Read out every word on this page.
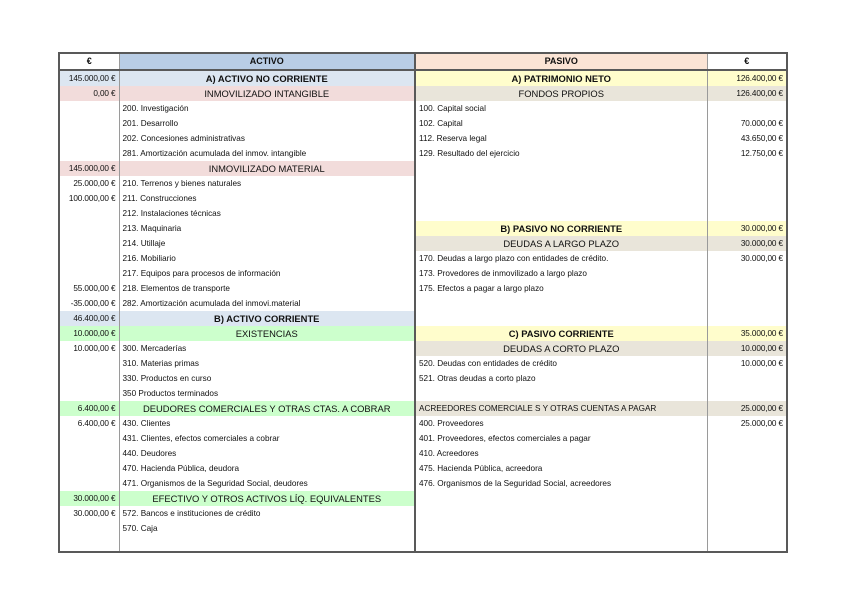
€	ACTIVO	PASIVO	€
145.000,00 €	A) ACTIVO NO CORRIENTE	A) PATRIMONIO NETO	126.400,00 €
0,00 €	INMOVILIZADO INTANGIBLE	FONDOS PROPIOS	126.400,00 €
	200. Investigación	100. Capital social	
	201. Desarrollo	102. Capital	70.000,00 €
	202. Concesiones administrativas	112. Reserva legal	43.650,00 €
	281. Amortización acumulada del inmov. intangible	129. Resultado del ejercicio	12.750,00 €
145.000,00 €	INMOVILIZADO MATERIAL		
25.000,00 €	210. Terrenos y bienes naturales		
100.000,00 €	211. Construcciones		
	212. Instalaciones técnicas		
	213. Maquinaria	B) PASIVO NO CORRIENTE	30.000,00 €
	214. Utillaje	DEUDAS A LARGO PLAZO	30.000,00 €
	216. Mobiliario	170. Deudas a largo plazo con entidades de crédito.	30.000,00 €
	217. Equipos para procesos de información	173. Provedores de inmovilizado a largo plazo	
55.000,00 €	218. Elementos de transporte	175. Efectos a pagar a largo plazo	
-35.000,00 €	282. Amortización acumulada del inmovi.material		
46.400,00 €	B) ACTIVO CORRIENTE		
10.000,00 €	EXISTENCIAS	C) PASIVO CORRIENTE	35.000,00 €
10.000,00 €	300. Mercaderías	DEUDAS A CORTO PLAZO	10.000,00 €
	310. Materias primas	520. Deudas con entidades de crédito	10.000,00 €
	330. Productos en curso	521. Otras deudas a corto plazo	
	350 Productos terminados		
6.400,00 €	DEUDORES COMERCIALES Y OTRAS CTAS. A COBRAR	ACREEDORES COMERCIALE S Y OTRAS CUENTAS A PAGAR	25.000,00 €
6.400,00 €	430. Clientes	400. Proveedores	25.000,00 €
	431. Clientes, efectos comerciales a cobrar	401. Proveedores, efectos comerciales a pagar	
	440. Deudores	410. Acreedores	
	470. Hacienda Pública, deudora	475. Hacienda Pública, acreedora	
	471. Organismos de la Seguridad Social, deudores	476. Organismos de la Seguridad Social, acreedores	
30.000,00 €	EFECTIVO Y OTROS ACTIVOS LÍQ. EQUIVALENTES		
30.000,00 €	572. Bancos e instituciones de crédito		
	570. Caja		
